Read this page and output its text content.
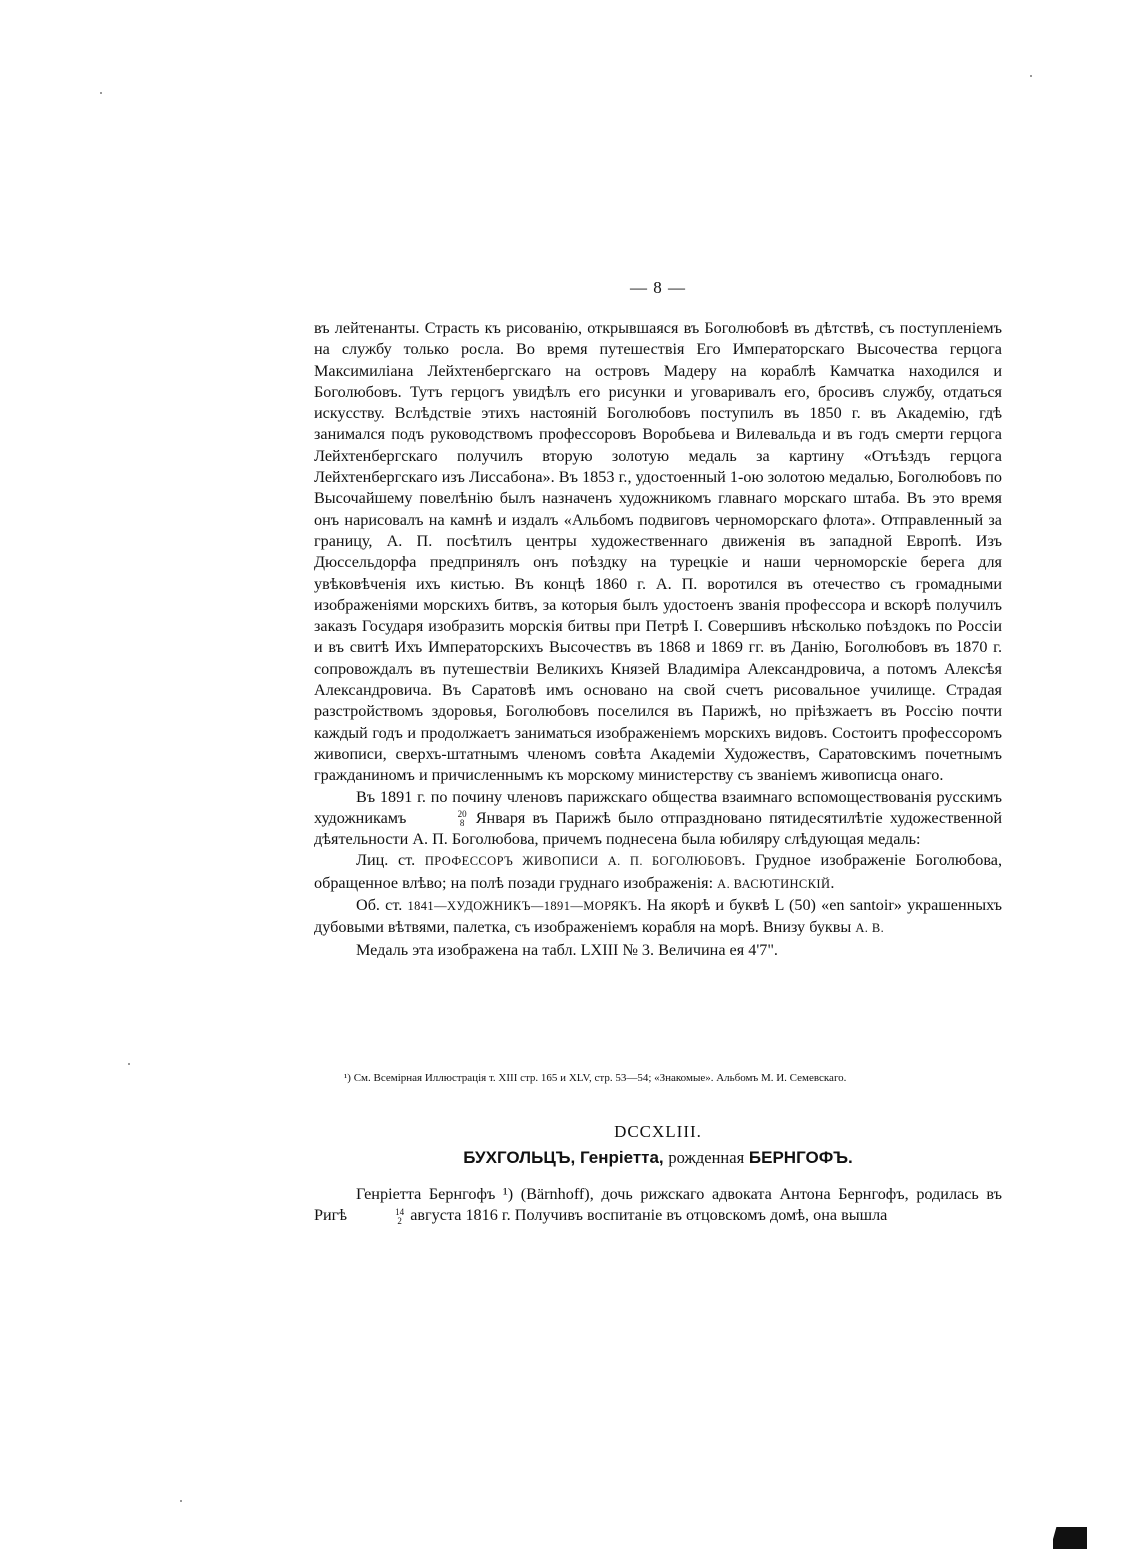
— 8 —

въ лейтенанты. Страсть къ рисованію, открывшаяся въ Боголюбовѣ въ дѣтствѣ, съ поступленіемъ на службу только росла. Во время путешествія Его Императорскаго Высочества герцога Максимиліана Лейхтенбергскаго на островъ Мадеру на кораблѣ Камчатка находился и Боголюбовъ. Тутъ герцогъ увидѣлъ его рисунки и уговаривалъ его, бросивъ службу, отдаться искусству. Вслѣдствіе этихъ настояній Боголюбовъ поступилъ въ 1850 г. въ Академію, гдѣ занимался подъ руководствомъ профессоровъ Воробьева и Вилевальда и въ годъ смерти герцога Лейхтенбергскаго получилъ вторую золотую медаль за картину «Отъѣздъ герцога Лейхтенбергскаго изъ Лиссабона». Въ 1853 г., удостоенный 1-ою золотою медалью, Боголюбовъ по Высочайшему повелѣнію былъ назначенъ художникомъ главнаго морскаго штаба. Въ это время онъ нарисовалъ на камнѣ и издалъ «Альбомъ подвиговъ черноморскаго флота». Отправленный за границу, А. П. посѣтилъ центры художественнаго движенія въ западной Европѣ. Изъ Дюссельдорфа предпринялъ онъ поѣздку на турецкіе и наши черноморскіе берега для увѣковѣченія ихъ кистью. Въ концѣ 1860 г. А. П. воротился въ отечество съ громадными изображеніями морскихъ битвъ, за которыя былъ удостоенъ званія профессора и вскорѣ получилъ заказъ Государя изобразить морскія битвы при Петрѣ I. Совершивъ нѣсколько поѣздокъ по Россіи и въ свитѣ Ихъ Императорскихъ Высочествъ въ 1868 и 1869 гг. въ Данію, Боголюбовъ въ 1870 г. сопровождалъ въ путешествіи Великихъ Князей Владиміра Александровича, а потомъ Алексѣя Александровича. Въ Саратовѣ имъ основано на свой счетъ рисовальное училище. Страдая разстройствомъ здоровья, Боголюбовъ поселился въ Парижѣ, но пріѣзжаетъ въ Россію почти каждый годъ и продолжаетъ заниматься изображеніемъ морскихъ видовъ. Состоитъ профессоромъ живописи, сверхъ-штатнымъ членомъ совѣта Академіи Художествъ, Саратовскимъ почетнымъ гражданиномъ и причисленнымъ къ морскому министерству съ званіемъ живописца онаго.

Въ 1891 г. по почину членовъ парижскаго общества взаимнаго вспомоществованія русскимъ художникамъ	20
8 Января въ Парижѣ было отпраздновано пятидесятилѣтіе художественной дѣятельности А. П. Боголюбова, причемъ поднесена была юбиляру слѣдующая медаль:

Лиц. ст. ПРОФЕССОРЪ ЖИВОПИСИ А. П. БОГОЛЮБОВЪ. Грудное изображеніе Боголюбова, обращенное влѣво; на полѣ позади груднаго изображенія: А. ВАСЮТИНСКІЙ.

Об. ст. 1841—ХУДОЖНИКЪ—1891—МОРЯКЪ. На якорѣ и буквѣ L (50) «en santoir» украшенныхъ дубовыми вѣтвями, палетка, съ изображеніемъ корабля на морѣ. Внизу буквы А. В.

Медаль эта изображена на табл. LXIII № 3. Величина ея 4'7".

¹) См. Всемірная Иллюстрація т. XIII стр. 165 и XLV, стр. 53—54; «Знакомые». Альбомъ М. И. Семевскаго.

DCCXLIII.
БУХГОЛЬЦЪ, Генріетта, рожденная БЕРНГОФЪ.

Генріетта Бернгофъ ¹) (Bärnhoff), дочь рижскаго адвоката Антона Бернгофъ, родилась въ Ригѣ	14
2 августа 1816 г. Получивъ воспитаніе въ отцовскомъ домѣ, она вышла
